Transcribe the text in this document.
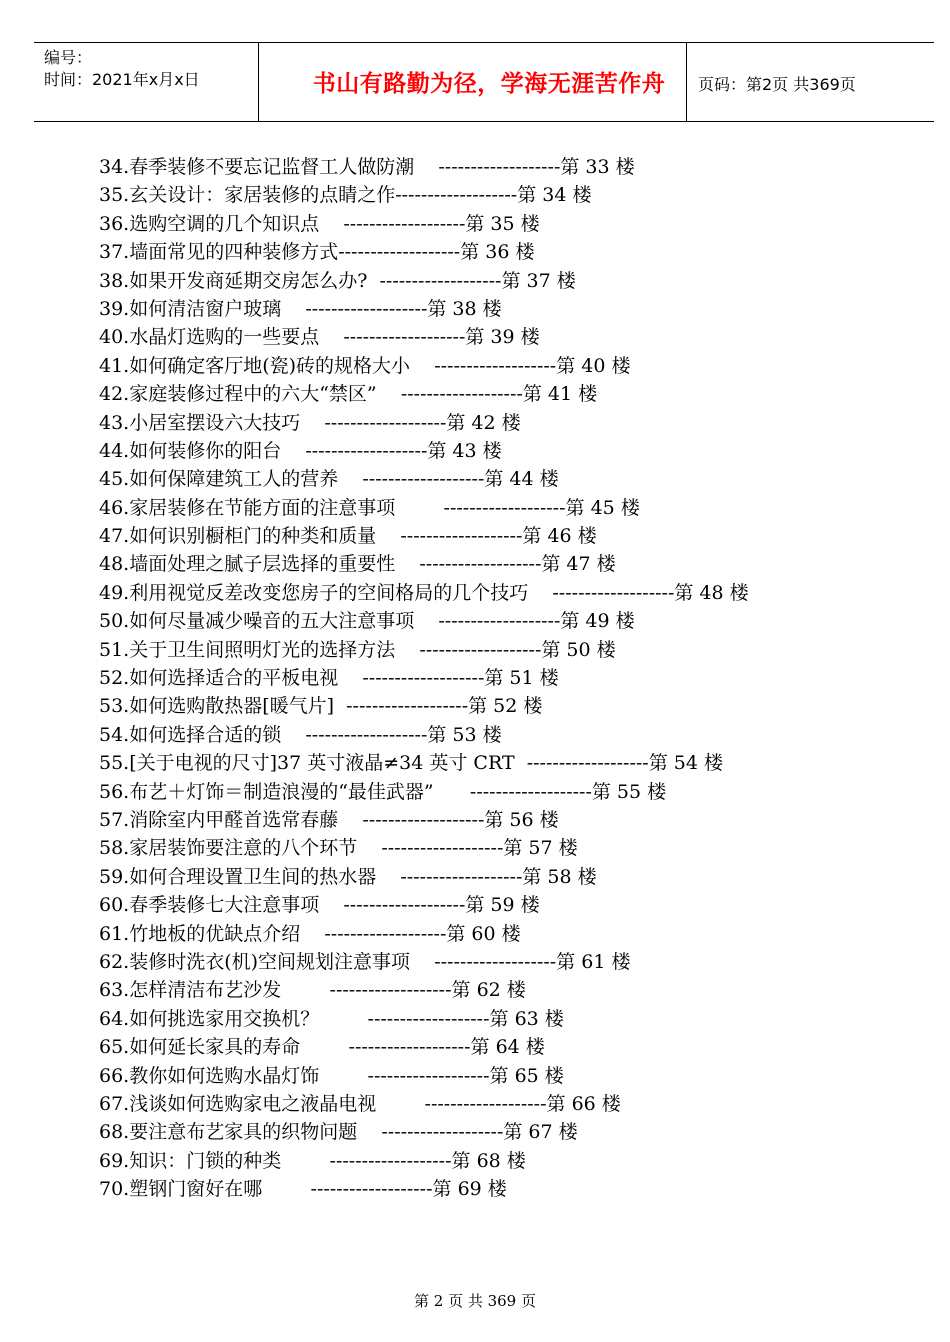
编号：
时间：2021年x月x日	书山有路勤为径，学海无涯苦作舟	页码：第2页 共369页
34.春季装修不要忘记监督工人做防潮 -------------------第 33 楼
35.玄关设计：家居装修的点睛之作-------------------第 34 楼
36.选购空调的几个知识点 -------------------第 35 楼
37.墙面常见的四种装修方式-------------------第 36 楼
38.如果开发商延期交房怎么办? -------------------第 37 楼
39.如何清洁窗户玻璃 -------------------第 38 楼
40.水晶灯选购的一些要点 -------------------第 39 楼
41.如何确定客厅地(瓷)砖的规格大小 -------------------第 40 楼
42.家庭装修过程中的六大“禁区” -------------------第 41 楼
43.小居室摆设六大技巧 -------------------第 42 楼
44.如何装修你的阳台 -------------------第 43 楼
45.如何保障建筑工人的营养 -------------------第 44 楼
46.家居装修在节能方面的注意事项	-------------------第 45 楼
47.如何识别橱柜门的种类和质量 -------------------第 46 楼
48.墙面处理之腻子层选择的重要性 -------------------第 47 楼
49.利用视觉反差改变您房子的空间格局的几个技巧 -------------------第 48 楼
50.如何尽量减少噪音的五大注意事项 -------------------第 49 楼
51.关于卫生间照明灯光的选择方法 -------------------第 50 楼
52.如何选择适合的平板电视 -------------------第 51 楼
53.如何选购散热器[暖气片] -------------------第 52 楼
54.如何选择合适的锁 -------------------第 53 楼
55.[关于电视的尺寸]37 英寸液晶≠34 英寸 CRT -------------------第 54 楼
56.布艺＋灯饰＝制造浪漫的“最佳武器” -------------------第 55 楼
57.消除室内甲醛首选常春藤 -------------------第 56 楼
58.家居装饰要注意的八个环节 -------------------第 57 楼
59.如何合理设置卫生间的热水器 -------------------第 58 楼
60.春季装修七大注意事项 -------------------第 59 楼
61.竹地板的优缺点介绍 -------------------第 60 楼
62.装修时洗衣(机)空间规划注意事项 -------------------第 61 楼
63.怎样清洁布艺沙发	-------------------第 62 楼
64.如何挑选家用交换机？	-------------------第 63 楼
65.如何延长家具的寿命	-------------------第 64 楼
66.教你如何选购水晶灯饰	-------------------第 65 楼
67.浅谈如何选购家电之液晶电视	-------------------第 66 楼
68.要注意布艺家具的织物问题 -------------------第 67 楼
69.知识：门锁的种类	-------------------第 68 楼
70.塑钢门窗好在哪	-------------------第 69 楼
第 2 页 共 369 页
